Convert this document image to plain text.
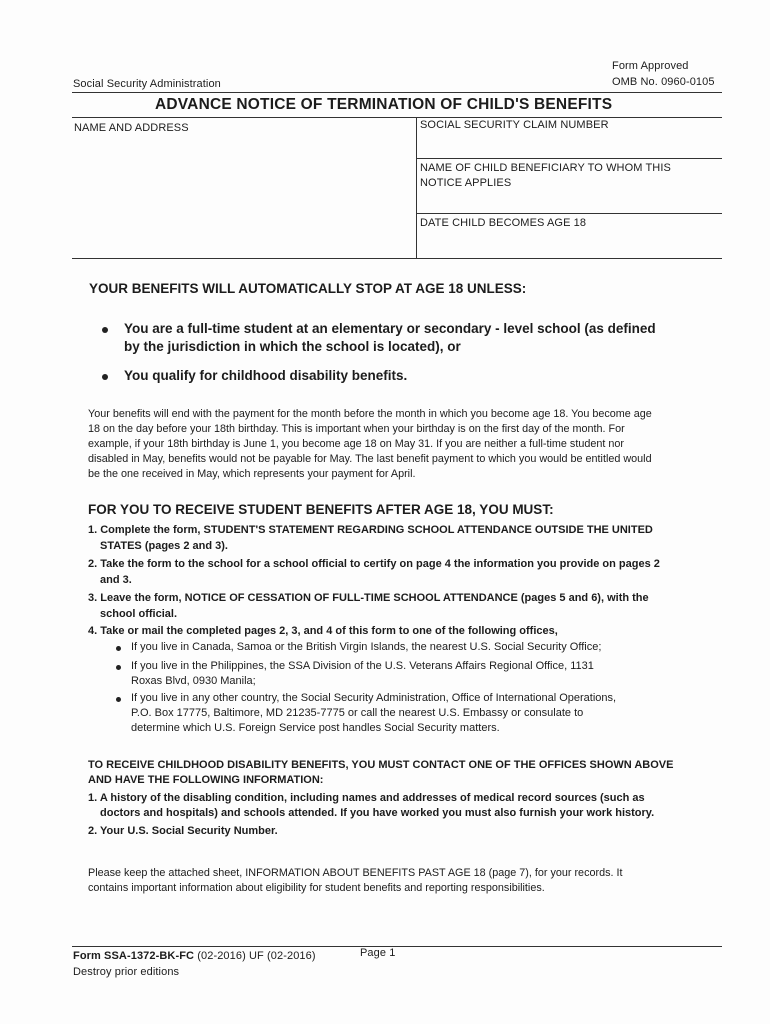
Form Approved
OMB No. 0960-0105
Social Security Administration
ADVANCE NOTICE OF TERMINATION OF CHILD'S BENEFITS
NAME AND ADDRESS	SOCIAL SECURITY CLAIM NUMBER
NAME OF CHILD BENEFICIARY TO WHOM THIS
NOTICE APPLIES
DATE CHILD BECOMES AGE 18
YOUR BENEFITS WILL AUTOMATICALLY STOP AT AGE 18 UNLESS:
You are a full-time student at an elementary or secondary - level school (as defined
by the jurisdiction in which the school is located), or
You qualify for childhood disability benefits.
Your benefits will end with the payment for the month before the month in which you become age 18. You become age
18 on the day before your 18th birthday. This is important when your birthday is on the first day of the month. For
example, if your 18th birthday is June 1, you become age 18 on May 31. If you are neither a full-time student nor
disabled in May, benefits would not be payable for May. The last benefit payment to which you would be entitled would
be the one received in May, which represents your payment for April.
FOR YOU TO RECEIVE STUDENT BENEFITS AFTER AGE 18, YOU MUST:
1. Complete the form, STUDENT'S STATEMENT REGARDING SCHOOL ATTENDANCE OUTSIDE THE UNITED
STATES (pages 2 and 3).
2. Take the form to the school for a school official to certify on page 4 the information you provide on pages 2
and 3.
3. Leave the form, NOTICE OF CESSATION OF FULL-TIME SCHOOL ATTENDANCE (pages 5 and 6), with the
school official.
4. Take or mail the completed pages 2, 3, and 4 of this form to one of the following offices,
If you live in Canada, Samoa or the British Virgin Islands, the nearest U.S. Social Security Office;
If you live in the Philippines, the SSA Division of the U.S. Veterans Affairs Regional Office, 1131
Roxas Blvd, 0930 Manila;
If you live in any other country, the Social Security Administration, Office of International Operations,
P.O. Box 17775, Baltimore, MD 21235-7775 or call the nearest U.S. Embassy or consulate to
determine which U.S. Foreign Service post handles Social Security matters.
TO RECEIVE CHILDHOOD DISABILITY BENEFITS, YOU MUST CONTACT ONE OF THE OFFICES SHOWN ABOVE
AND HAVE THE FOLLOWING INFORMATION:
1. A history of the disabling condition, including names and addresses of medical record sources (such as
doctors and hospitals) and schools attended. If you have worked you must also furnish your work history.
2. Your U.S. Social Security Number.
Please keep the attached sheet, INFORMATION ABOUT BENEFITS PAST AGE 18 (page 7), for your records. It
contains important information about eligibility for student benefits and reporting responsibilities.
Form SSA-1372-BK-FC (02-2016) UF (02-2016)	Page 1
Destroy prior editions
